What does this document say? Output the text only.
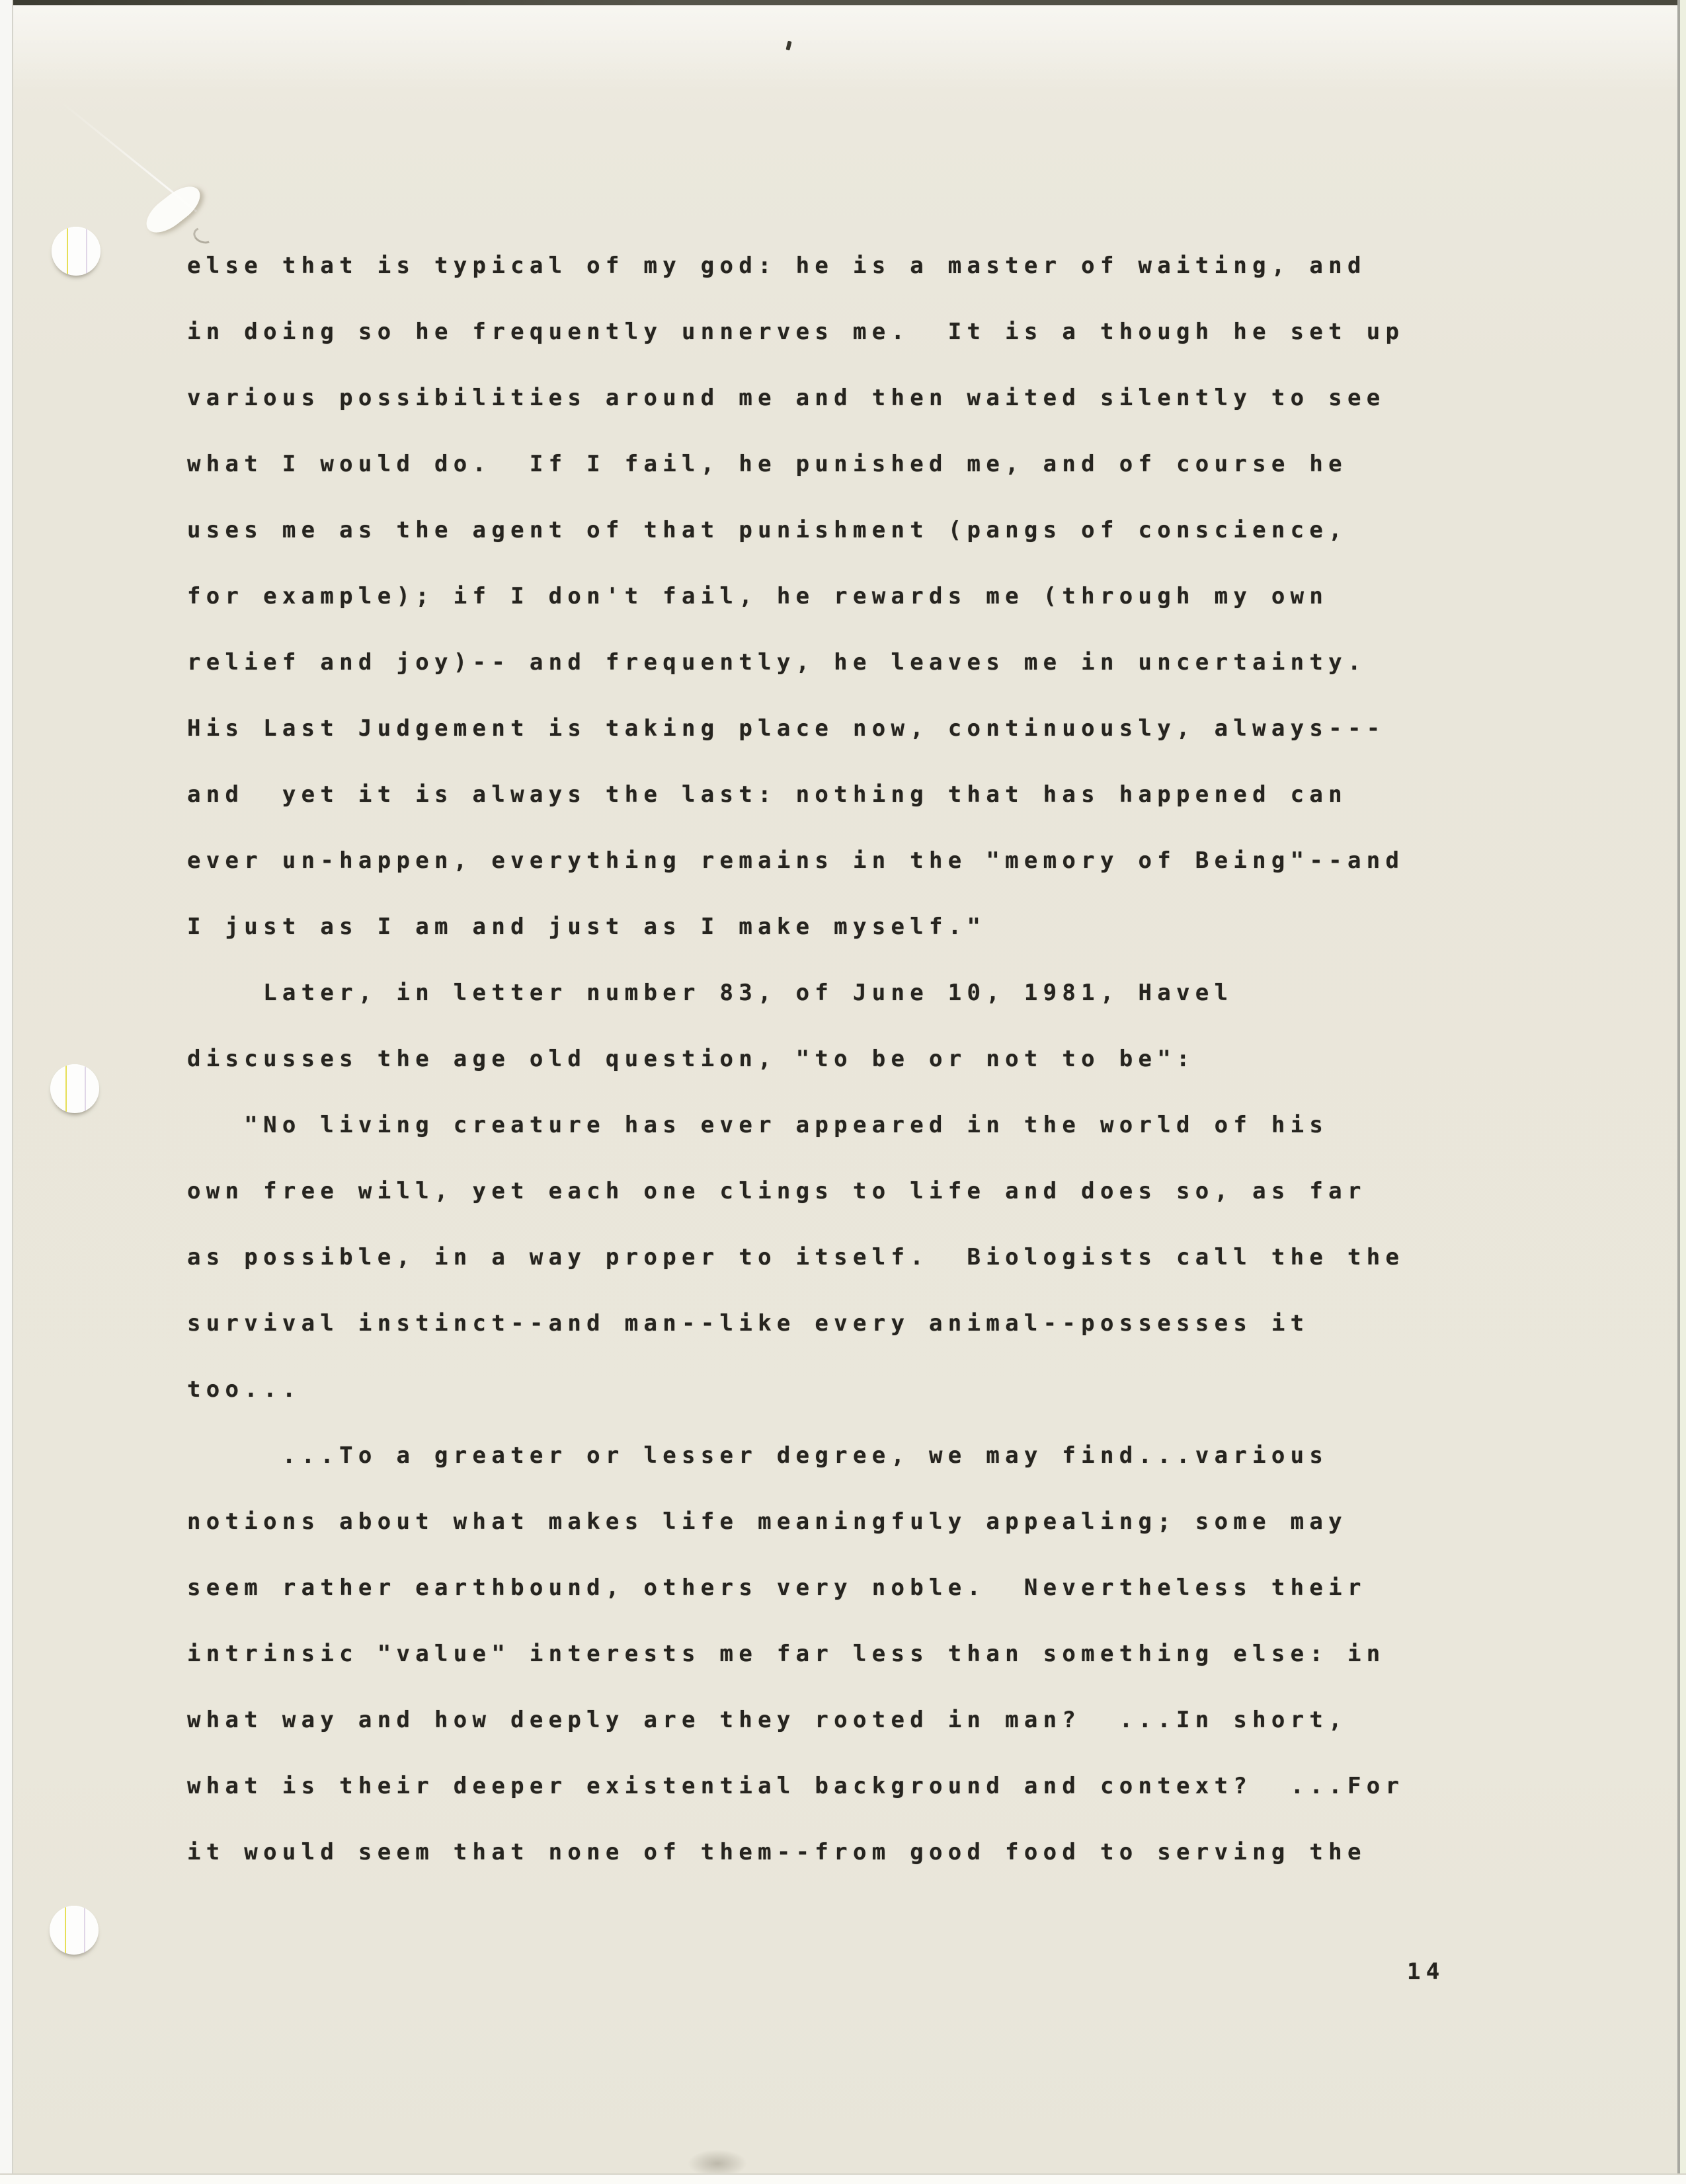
else that is typical of my god: he is a master of waiting, and
in doing so he frequently unnerves me.  It is a though he set up
various possibilities around me and then waited silently to see
what I would do.  If I fail, he punished me, and of course he
uses me as the agent of that punishment (pangs of conscience,
for example); if I don't fail, he rewards me (through my own
relief and joy)-- and frequently, he leaves me in uncertainty.
His Last Judgement is taking place now, continuously, always---
and  yet it is always the last: nothing that has happened can
ever un-happen, everything remains in the "memory of Being"--and
I just as I am and just as I make myself."
Later, in letter number 83, of June 10, 1981, Havel
discusses the age old question, "to be or not to be":
"No living creature has ever appeared in the world of his
own free will, yet each one clings to life and does so, as far
as possible, in a way proper to itself.  Biologists call the the
survival instinct--and man--like every animal--possesses it
too...
...To a greater or lesser degree, we may find...various
notions about what makes life meaningfuly appealing; some may
seem rather earthbound, others very noble.  Nevertheless their
intrinsic "value" interests me far less than something else: in
what way and how deeply are they rooted in man?  ...In short,
what is their deeper existential background and context?  ...For
it would seem that none of them--from good food to serving the
14
